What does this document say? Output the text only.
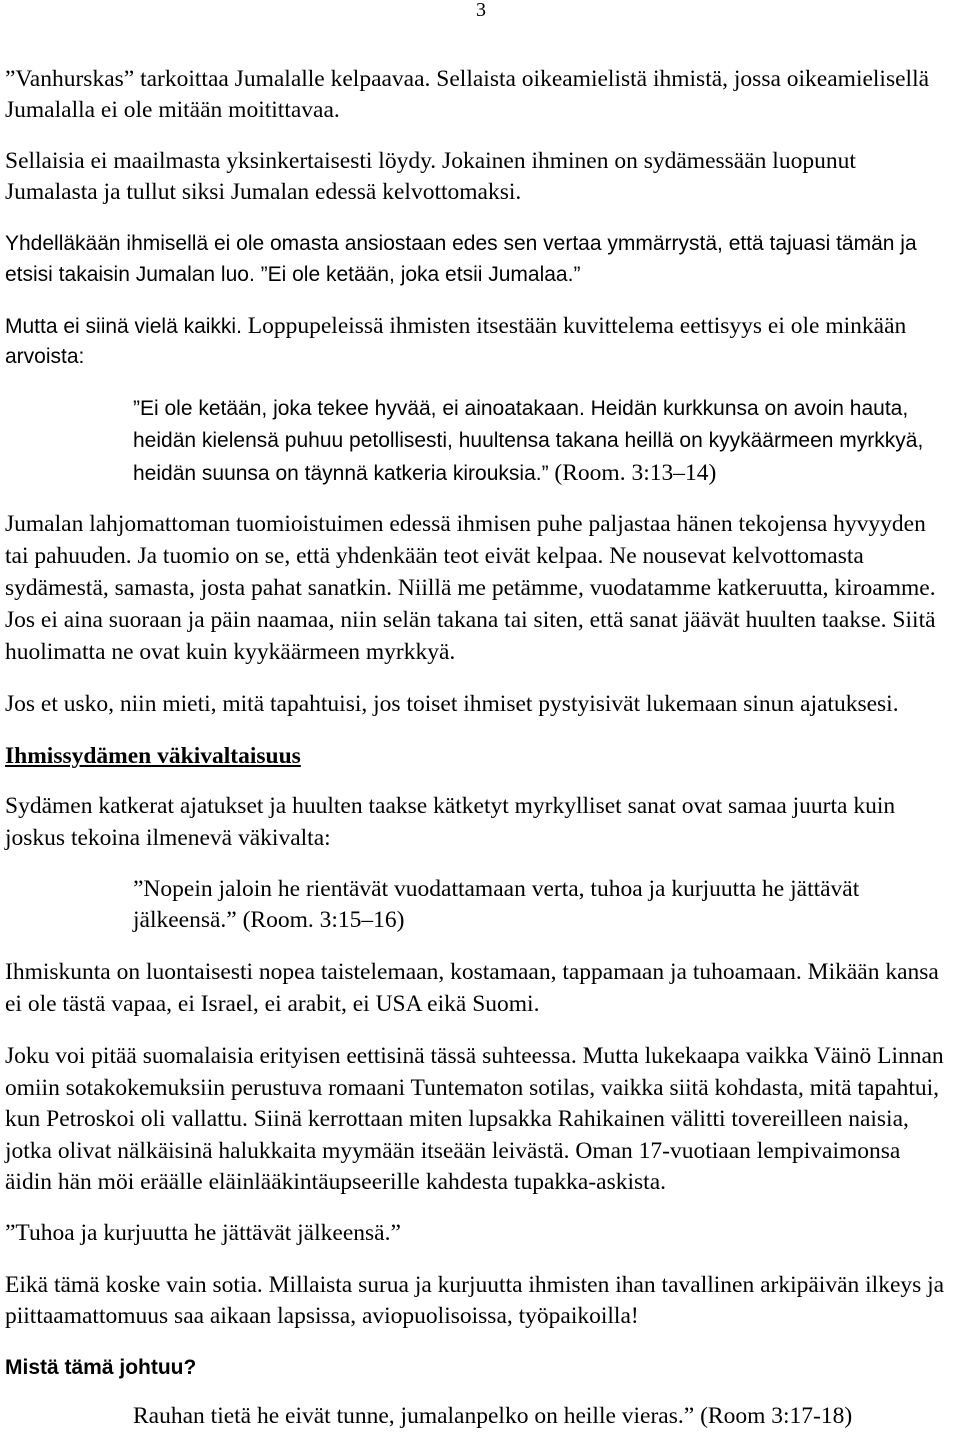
3
”Vanhurskas” tarkoittaa Jumalalle kelpaavaa. Sellaista oikeamielistä ihmistä, jossa oikeamielisellä
Jumalalla ei ole mitään moitittavaa.
Sellaisia ei maailmasta yksinkertaisesti löydy. Jokainen ihminen on sydämessään luopunut
Jumalasta ja tullut siksi Jumalan edessä kelvottomaksi.
Yhdelläkään ihmisellä ei ole omasta ansiostaan edes sen vertaa ymmärrystä, että tajuasi tämän ja
etsisi takaisin Jumalan luo. ”Ei ole ketään, joka etsii Jumalaa.”
Mutta ei siinä vielä kaikki. Loppupeleissä ihmisten itsestään kuvittelema eettisyys ei ole minkään
arvoista:
”Ei ole ketään, joka tekee hyvää, ei ainoatakaan. Heidän kurkkunsa on avoin hauta,
heidän kielensä puhuu petollisesti, huultensa takana heillä on kyykäärmeen myrkkyä,
heidän suunsa on täynnä katkeria kirouksia.” (Room. 3:13–14)
Jumalan lahjomattoman tuomioistuimen edessä ihmisen puhe paljastaa hänen tekojensa hyvyyden
tai pahuuden. Ja tuomio on se, että yhdenkään teot eivät kelpaa. Ne nousevat kelvottomasta
sydämestä, samasta, josta pahat sanatkin. Niillä me petämme, vuodatamme katkeruutta, kiroamme.
Jos ei aina suoraan ja päin naamaa, niin selän takana tai siten, että sanat jäävät huulten taakse. Siitä
huolimatta ne ovat kuin kyykäärmeen myrkkyä.
Jos et usko, niin mieti, mitä tapahtuisi, jos toiset ihmiset pystyisivät lukemaan sinun ajatuksesi.
Ihmissydämen väkivaltaisuus
Sydämen katkerat ajatukset ja huulten taakse kätketyt myrkylliset sanat ovat samaa juurta kuin
joskus tekoina ilmenevä väkivalta:
”Nopein jaloin he rientävät vuodattamaan verta, tuhoa ja kurjuutta he jättävät
jälkeensä.” (Room. 3:15–16)
Ihmiskunta on luontaisesti nopea taistelemaan, kostamaan, tappamaan ja tuhoamaan. Mikään kansa
ei ole tästä vapaa, ei Israel, ei arabit, ei USA eikä Suomi.
Joku voi pitää suomalaisia erityisen eettisinä tässä suhteessa. Mutta lukekaapa vaikka Väinö Linnan
omiin sotakokemuksiin perustuva romaani Tuntematon sotilas, vaikka siitä kohdasta, mitä tapahtui,
kun Petroskoi oli vallattu. Siinä kerrottaan miten lupsakka Rahikainen välitti tovereilleen naisia,
jotka olivat nälkäisinä halukkaita myymään itseään leivästä. Oman 17-vuotiaan lempivaimonsa
äidin hän möi eräälle eläinlääkintäupseerille kahdesta tupakka-askista.
”Tuhoa ja kurjuutta he jättävät jälkeensä.”
Eikä tämä koske vain sotia. Millaista surua ja kurjuutta ihmisten ihan tavallinen arkipäivän ilkeys ja
piittaamattomuus saa aikaan lapsissa, aviopuolisoissa, työpaikoilla!
Mistä tämä johtuu?
Rauhan tietä he eivät tunne, jumalanpelko on heille vieras.” (Room 3:17-18)
